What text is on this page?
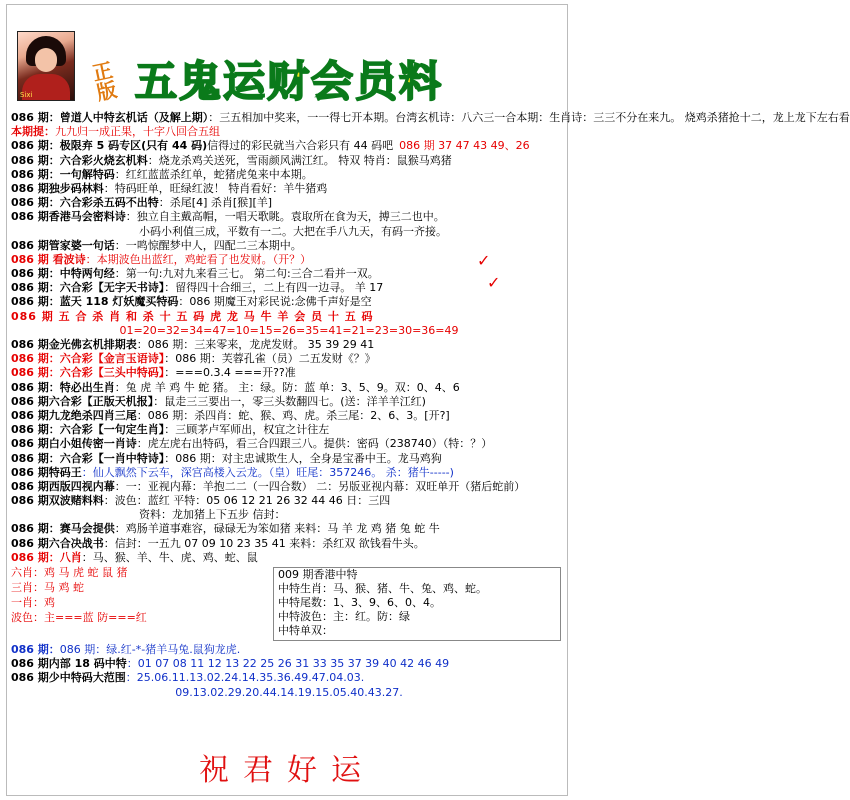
Sixi
正版 五鬼运财会员料
086 期：曾道人中特玄机话（及解上期）：三五相加中奖来，一一得七开本期。台湾玄机诗：八六三一合本期：生肖诗：三三不分在来九。 烧鸡杀猪抢十二，龙上龙下左右看
本期提：九九归一成正果，十字八回合五组
086 期：极限弃 5 码专区(只有 44 码)信得过的彩民就当六合彩只有 44 码吧 086 期 37 47 43 49、26
086 期：六合彩火烧玄机料：烧龙杀鸡关送死，雪雨颜风满江红。 特双 特肖：鼠猴马鸡猪
086 期：一句解特码：红红蓝蓝杀红单，蛇猪虎兔来中本期。
086 期独步码林料：特码旺单，旺绿红波！ 特肖看好：羊牛猪鸡
086 期：六合彩杀五码不出特：杀尾[4] 杀肖[猴][羊]
086 期香港马会密料诗：独立自主戴高帽，一唱天歌眺。袁取所在食为天，搏三二也中。
小码小利值三成，平数有一二。大把在手八九天，有码一齐接。
086 期管家婆一句话：一鸣惊醒梦中人，四配二三本期中。
086 期 看波诗：本期波色出蓝红，鸡蛇看了也发财。（开？）
086 期：中特两句经：第一句:九对九来看三七。 第二句:三合二看并一双。
086 期：六合彩【无字天书诗】：留得四十合细三，二上有四一边寻。 羊 17
086 期：蓝天 118 灯妖魔买特码：086 期魔王对彩民说:念佛千声好是空
086 期 五 合 杀 肖 和 杀 十 五 码 虎 龙 马 牛 羊 会 员 十 五 码
01=20=32=34=47=10=15=26=35=41=21=23=30=36=49
086 期金光佛玄机排期表：086 期：三来零来，龙虎发财。 35 39 29 41
086 期：六合彩【金言玉语诗】：086 期：芙蓉孔雀（员）二五发财《？》
086 期：六合彩【三头中特码】：===0.3.4 ===开??准
086 期：特必出生肖：兔 虎 羊 鸡 牛 蛇 猪。 主：绿。防：蓝 单：3、5、9。双：0、4、6
086 期六合彩【正版天机报】：鼠走三三要出一，零三头数翻四七。(送：洋羊羊江红)
086 期九龙绝杀四肖三尾：086 期：杀四肖：蛇、猴、鸡、虎。杀三尾：2、6、3。[开?]
086 期：六合彩【一句定生肖】：三顾茅卢军师出，权宜之计往左
086 期白小姐传密一肖诗：虎左虎右出特码，看三合四跟三八。提供：密码（238740）（特：？）
086 期：六合彩【一肖中特诗】：086 期：对主忠诚欺生人，全身是宝番中王。龙马鸡狗
086 期特码王：仙人飘然下云车，深宫高楼入云龙。（皇）旺尾：357246。 杀：猪牛-----)
086 期西版四视内幕：一：亚视内幕：羊抱二二（一四合数） 二：另版亚视内幕：双旺单开（猪后蛇前）
086 期双波赌料料：波色：蓝红 平特：05 06 12 21 26 32 44 46 日：三四
资料：龙加猪上下五步 信封：
086 期：赛马会提供：鸡肠羊道事难容，碌碌无为笨如猪 来料：马 羊 龙 鸡 猪 兔 蛇 牛
086 期六合决战书：信封：一五九 07 09 10 23 35 41 来料：杀红双 欲钱看牛头。
086 期：八肖：马、猴、羊、牛、虎、鸡、蛇、鼠
六肖：鸡 马 虎 蛇 鼠 猪
三肖：马 鸡 蛇
一肖：鸡
波色：主===蓝 防===红
009 期香港中特
中特生肖：马、猴、猪、牛、兔、鸡、蛇。
中特尾数：1、3、9、6、0、4。
中特波色：主：红。防：绿
中特单双：
086 期：086 期：绿.红-*-猪羊马兔.鼠狗龙虎.
086 期内部 18 码中特：01 07 08 11 12 13 22 25 26 31 33 35 37 39 40 42 46 49
086 期少中特码大范围：25.06.11.13.02.24.14.35.36.49.47.04.03.
09.13.02.29.20.44.14.19.15.05.40.43.27.
✓
✓
祝君好运
